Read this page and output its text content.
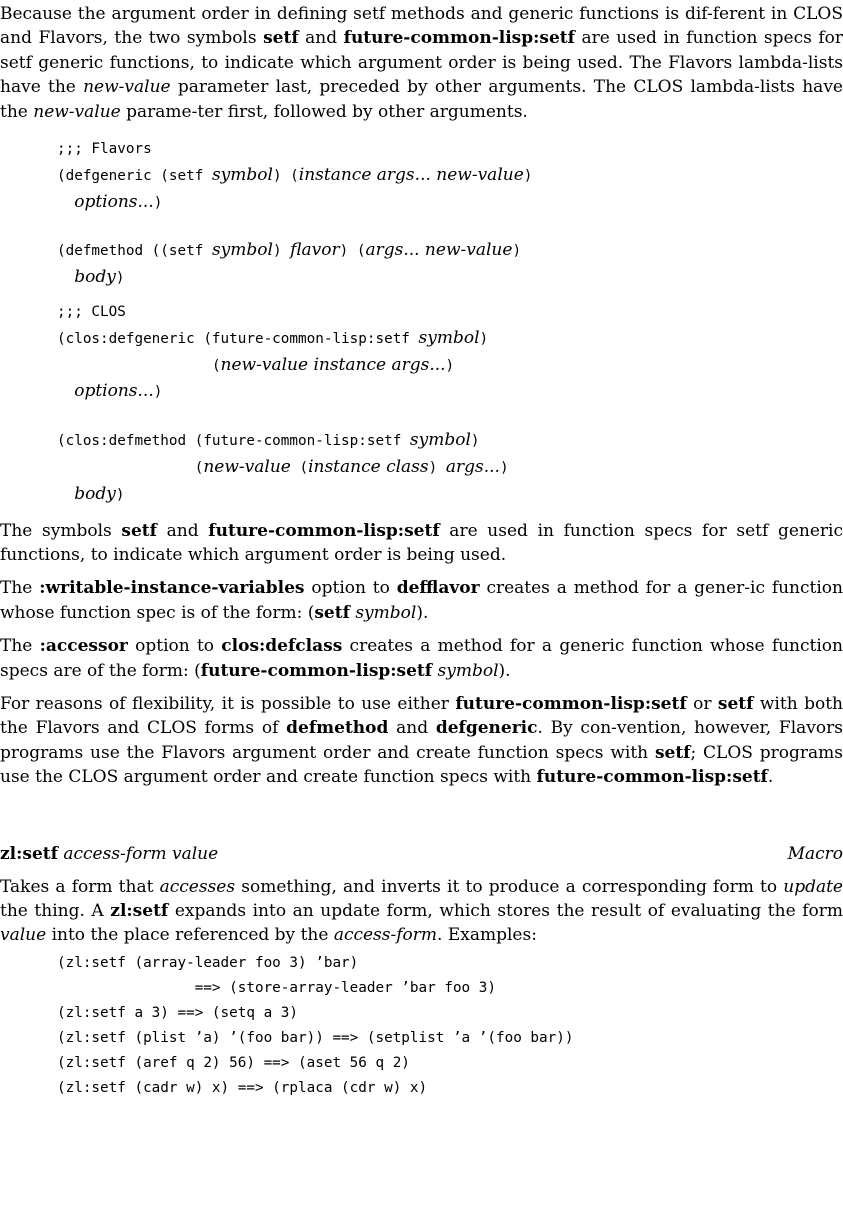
Because the argument order in defining setf methods and generic functions is dif-ferent in CLOS and Flavors, the two symbols setf and future-common-lisp:setf are used in function specs for setf generic functions, to indicate which argument order is being used. The Flavors lambda-lists have the new-value parameter last, preceded by other arguments. The CLOS lambda-lists have the new-value parame-ter first, followed by other arguments.

;;; Flavors
(defgeneric (setf symbol) (instance args... new-value)
options...)
(defmethod ((setf symbol) flavor) (args... new-value)
body)
;;; CLOS
(clos:defgeneric (future-common-lisp:setf symbol)
(new-value instance args...)
options...)
(clos:defmethod (future-common-lisp:setf symbol)
(new-value (instance class) args...)
body)

The symbols setf and future-common-lisp:setf are used in function specs for setf generic functions, to indicate which argument order is being used.

The :writable-instance-variables option to defflavor creates a method for a gener-ic function whose function spec is of the form: (setf symbol).

The :accessor option to clos:defclass creates a method for a generic function whose function specs are of the form: (future-common-lisp:setf symbol).

For reasons of flexibility, it is possible to use either future-common-lisp:setf or setf with both the Flavors and CLOS forms of defmethod and defgeneric. By con-vention, however, Flavors programs use the Flavors argument order and create function specs with setf; CLOS programs use the CLOS argument order and create function specs with future-common-lisp:setf.

zl:setf access-form value	Macro

Takes a form that accesses something, and inverts it to produce a corresponding form to update the thing. A zl:setf expands into an update form, which stores the result of evaluating the form value into the place referenced by the access-form. Examples:

(zl:setf (array-leader foo 3) ’bar)
==> (store-array-leader ’bar foo 3)
(zl:setf a 3) ==> (setq a 3)
(zl:setf (plist ’a) ’(foo bar)) ==> (setplist ’a ’(foo bar))
(zl:setf (aref q 2) 56) ==> (aset 56 q 2)
(zl:setf (cadr w) x) ==> (rplaca (cdr w) x)
